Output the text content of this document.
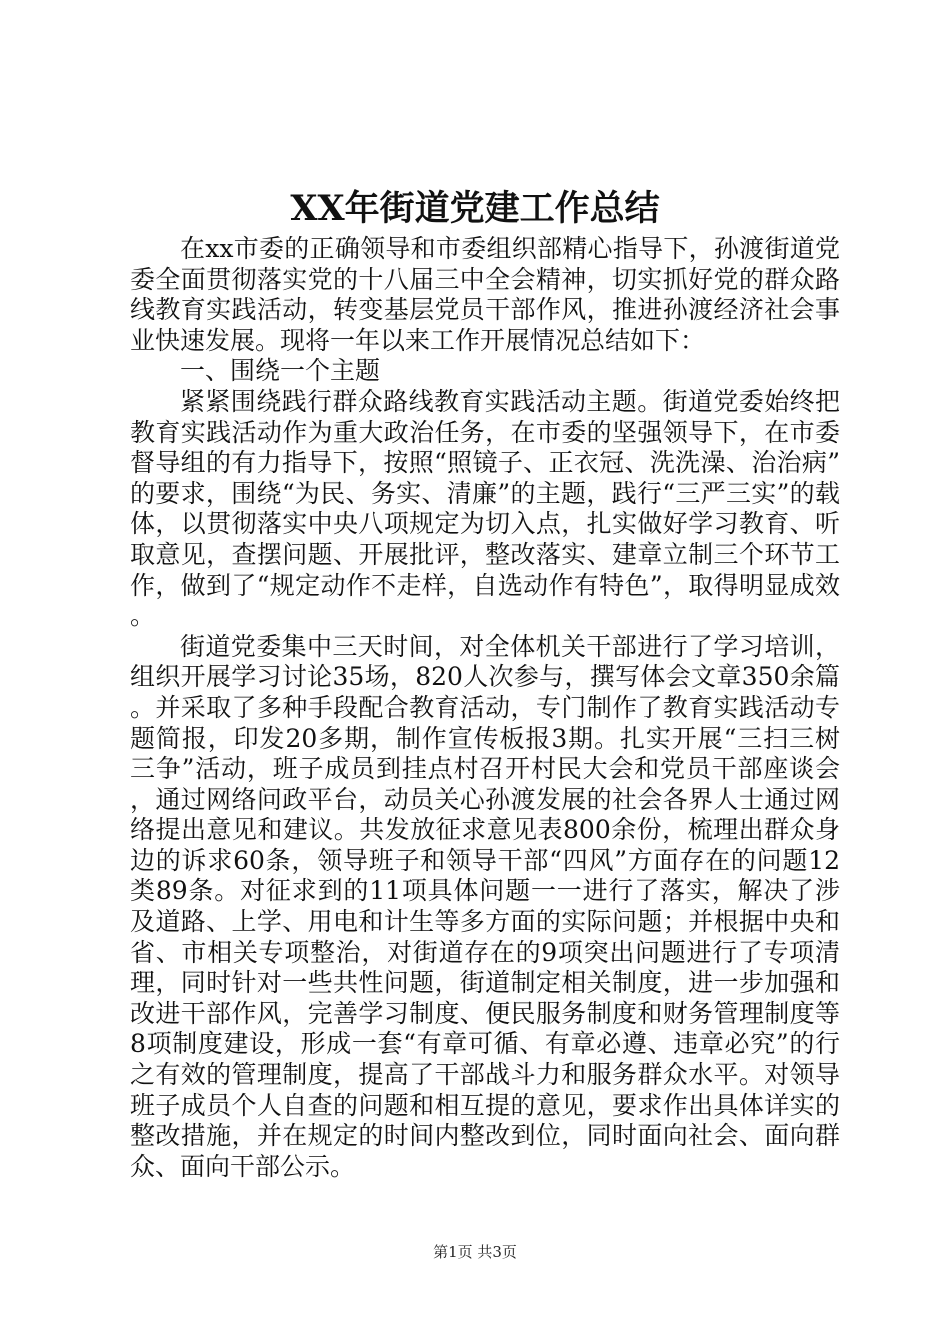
XX年街道党建工作总结

在xx市委的正确领导和市委组织部精心指导下，孙渡街道党委全面贯彻落实党的十八届三中全会精神，切实抓好党的群众路线教育实践活动，转变基层党员干部作风，推进孙渡经济社会事业快速发展。现将一年以来工作开展情况总结如下：

一、围绕一个主题

紧紧围绕践行群众路线教育实践活动主题。街道党委始终把教育实践活动作为重大政治任务，在市委的坚强领导下，在市委督导组的有力指导下，按照“照镜子、正衣冠、洗洗澡、治治病”的要求，围绕“为民、务实、清廉”的主题，践行“三严三实”的载体，以贯彻落实中央八项规定为切入点，扎实做好学习教育、听取意见，查摆问题、开展批评，整改落实、建章立制三个环节工作，做到了“规定动作不走样，自选动作有特色”，取得明显成效。

街道党委集中三天时间，对全体机关干部进行了学习培训，组织开展学习讨论35场，820人次参与，撰写体会文章350余篇。并采取了多种手段配合教育活动，专门制作了教育实践活动专题简报，印发20多期，制作宣传板报3期。扎实开展“三扫三树三争”活动，班子成员到挂点村召开村民大会和党员干部座谈会，通过网络问政平台，动员关心孙渡发展的社会各界人士通过网络提出意见和建议。共发放征求意见表800余份，梳理出群众身边的诉求60条，领导班子和领导干部“四风”方面存在的问题12类89条。对征求到的11项具体问题一一进行了落实，解决了涉及道路、上学、用电和计生等多方面的实际问题；并根据中央和省、市相关专项整治，对街道存在的9项突出问题进行了专项清理，同时针对一些共性问题，街道制定相关制度，进一步加强和改进干部作风，完善学习制度、便民服务制度和财务管理制度等8项制度建设，形成一套“有章可循、有章必遵、违章必究”的行之有效的管理制度，提高了干部战斗力和服务群众水平。对领导班子成员个人自查的问题和相互提的意见，要求作出具体详实的整改措施，并在规定的时间内整改到位，同时面向社会、面向群众、面向干部公示。

第1页 共3页
